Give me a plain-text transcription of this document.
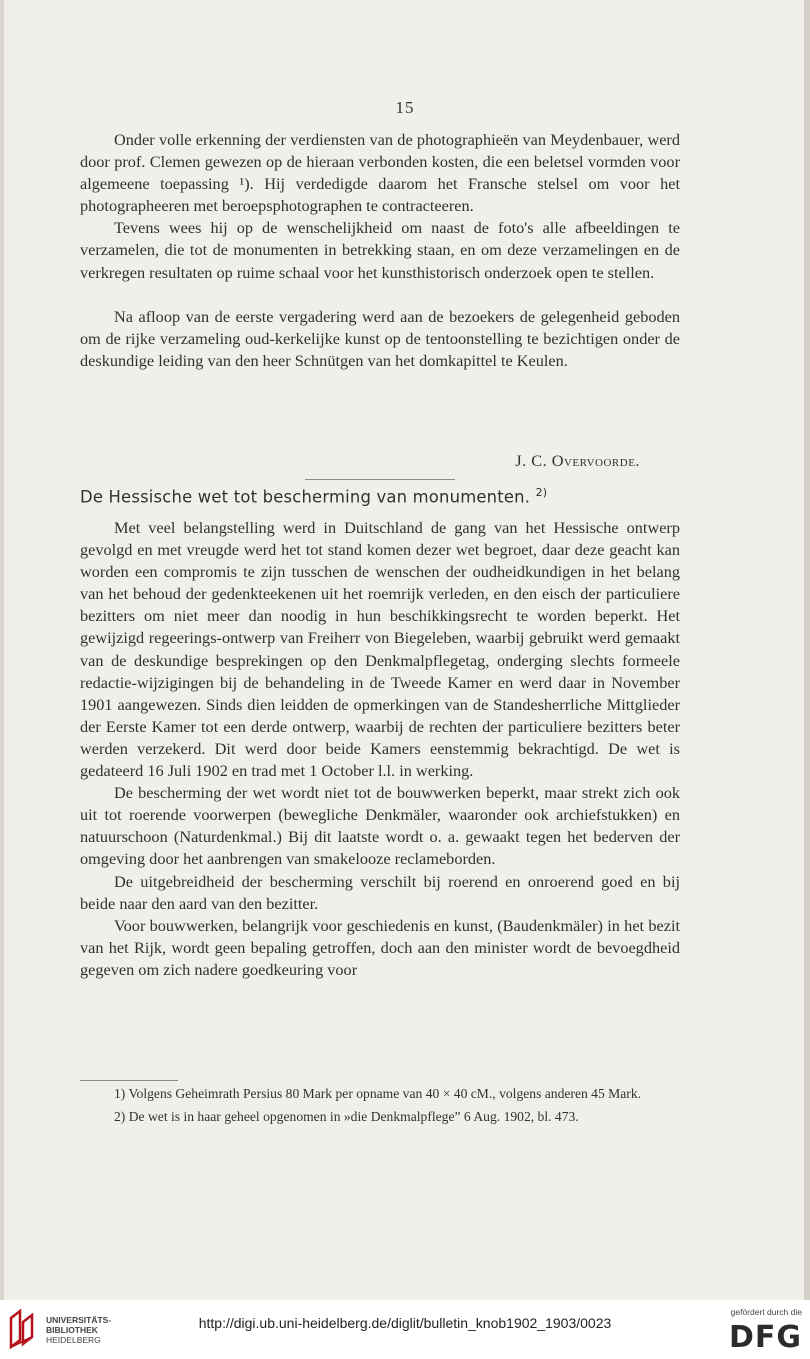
15

Onder volle erkenning der verdiensten van de photographieën van Meydenbauer, werd door prof. Clemen gewezen op de hieraan verbonden kosten, die een beletsel vormden voor algemeene toepassing ¹). Hij verdedigde daarom het Fransche stelsel om voor het photographeeren met beroepsphotographen te contracteeren.

Tevens wees hij op de wenschelijkheid om naast de foto's alle afbeeldingen te verzamelen, die tot de monumenten in betrekking staan, en om deze verzamelingen en de verkregen resultaten op ruime schaal voor het kunsthistorisch onderzoek open te stellen.

Na afloop van de eerste vergadering werd aan de bezoekers de gelegenheid geboden om de rijke verzameling oud-kerkelijke kunst op de tentoonstelling te bezichtigen onder de deskundige leiding van den heer Schnütgen van het domkapittel te Keulen.

J. C. Overvoorde.
De Hessische wet tot bescherming van monumenten. $^{2)}$

Met veel belangstelling werd in Duitschland de gang van het Hessische ontwerp gevolgd en met vreugde werd het tot stand komen dezer wet begroet, daar deze geacht kan worden een compromis te zijn tusschen de wenschen der oudheidkundigen in het belang van het behoud der gedenkteekenen uit het roemrijk verleden, en den eisch der particuliere bezitters om niet meer dan noodig in hun beschikkingsrecht te worden beperkt. Het gewijzigd regeerings-ontwerp van Freiherr von Biegeleben, waarbij gebruikt werd gemaakt van de deskundige besprekingen op den Denkmalpflegetag, onderging slechts formeele redactie-wijzigingen bij de behandeling in de Tweede Kamer en werd daar in November 1901 aangewezen. Sinds dien leidden de opmerkingen van de Standesherrliche Mittglieder der Eerste Kamer tot een derde ontwerp, waarbij de rechten der particuliere bezitters beter werden verzekerd. Dit werd door beide Kamers eenstemmig bekrachtigd. De wet is gedateerd 16 Juli 1902 en trad met 1 October l.l. in werking.

De bescherming der wet wordt niet tot de bouwwerken beperkt, maar strekt zich ook uit tot roerende voorwerpen (bewegliche Denkmäler, waaronder ook archiefstukken) en natuurschoon (Naturdenkmal.) Bij dit laatste wordt o. a. gewaakt tegen het bederven der omgeving door het aanbrengen van smakelooze reclameborden.

De uitgebreidheid der bescherming verschilt bij roerend en onroerend goed en bij beide naar den aard van den bezitter.

Voor bouwwerken, belangrijk voor geschiedenis en kunst, (Baudenkmäler) in het bezit van het Rijk, wordt geen bepaling getroffen, doch aan den minister wordt de bevoegdheid gegeven om zich nadere goedkeuring voor

1) Volgens Geheimrath Persius 80 Mark per opname van 40 × 40 cM., volgens anderen 45 Mark.

2) De wet is in haar geheel opgenomen in »die Denkmalpflege” 6 Aug. 1902, bl. 473.

UNIVERSITÄTS-
BIBLIOTHEK
HEIDELBERG
http://digi.ub.uni-heidelberg.de/diglit/bulletin_knob1902_1903/0023
gefördert durch die
DFG
